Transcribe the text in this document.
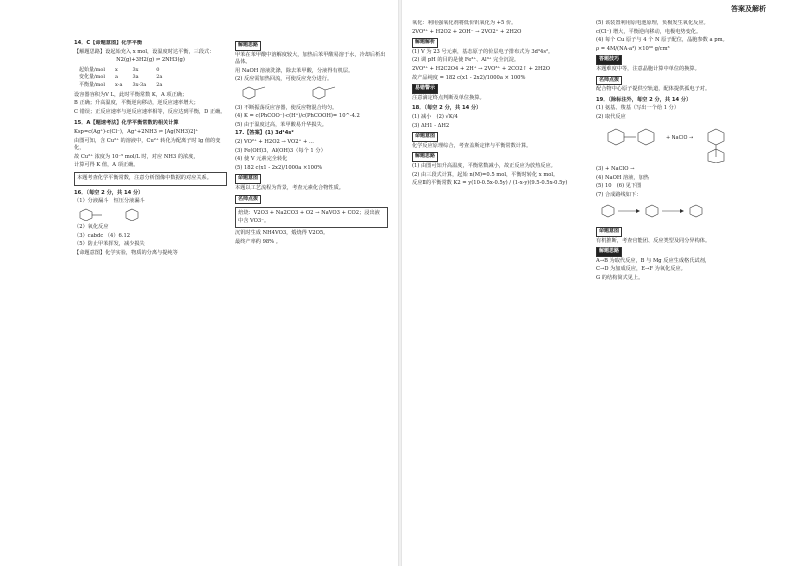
答案及解析

14．C【命题意图】化学平衡

【解题思路】设起始充入 x mol，设温度时达平衡，三段式：

N2(g)+3H2(g) ⇌ 2NH3(g)

起始量/mol	x	3x	0
变化量/mol	a	3a	2a
平衡量/mol	x-a	3x-3a	2a

设容器容积为V L，此时平衡常数 K，A 项正确；

B 正确；升高温度，平衡逆向移动，逆反应速率增大；

C 错误；正反应速率与逆反应速率相等，反应达到平衡，D 正确。

15．A【题速考法】化学平衡常数的相关计算

Ksp=c(Ag⁺)·c(Cl⁻)，Ag⁺+2NH3 ⇌ [Ag(NH3)2]⁺

由图可知，含 Cu²⁺ 的溶液中，Cu²⁺ 转化为配离子时 lg 值的变化，

故 Cu²⁺ 浓度为 10⁻⁵ mol/L 时，对应 NH3 的浓度，

计算可得 K 值，A 项正确。

本题考查化学平衡常数，注意分析图像中数据的对应关系。

16．（每空 2 分，共 14 分）

（1）分液漏斗　恒压分液漏斗

（2）氧化反应

（3）cabdc （4）6.12

（5）防止甲苯挥发，减少损失

【命题意图】化学实验，物质的分离与提纯等

解题思路

甲苯在苯甲酸中溶解度较大，加热后苯甲酸易溶于水，冷却后析出晶体。

用 NaOH 溶液洗涤，除去苯甲酸，分液得有机层。

(2) 反应需加热回流，可使反应充分进行。

(3) 不断振荡反应容器，使反应物混合均匀。

(4) K = c(PhCOO⁻)·c(H⁺)/c(PhCOOH)= 10^-4.2

(5) 由于温度过高，苯甲酸易升华损失。

17.【答案】(1) 3d¹4s²

(2) VO²⁺ + H2O2 → VO2⁺ + ...

(3) Fe(OH)3，Al(OH)3（每个 1 分）

(4) 使 V 元素完全转化

(5) 182 c(x1 - 2x2)/1000a ×100%

命题意图

本题以工艺流程为背景，考查元素化合物性质。

名师点拨
焙烧：V2O3 + Na2CO3 + O2 → NaVO3 + CO2；浸出液中含 VO3⁻。

沉钒时生成 NH4VO3，煅烧得 V2O5。

最终产率约 98% 。

氧化：利用强氧化剂将低价钒氧化为 +5 价。

2VO²⁺ + H2O2 + 2OH⁻ → 2VO2⁺ + 2H2O

解题解析

(1) V 为 23 号元素，基态原子的价层电子排布式为 3d³4s²。

(2) 调 pH 的目的是使 Fe³⁺、Al³⁺ 完全沉淀。

2VO²⁺ + H2C2O4 + 2H⁺ → 2VO³⁺ + 2CO2↑ + 2H2O

故产品纯度 = 182 c(x1 - 2x2)/1000a × 100%

易错警示

注意滴定终点判断及单位换算。

18．（每空 2 分，共 14 分）

(1) 减小　(2) √K/4

(3) ΔH1 - ΔH2

命题意图

化学反应原理综合，考查盖斯定律与平衡常数计算。

解题思路

(1) 由图可知升高温度，平衡常数减小，故正反应为放热反应。

(2) 由三段式计算，起始 n(M)=0.5 mol，平衡时转化 x mol。

反应Ⅱ的平衡常数 K2 = y(10-0.5x-0.5y) / (1-x-y)(9.5-0.5x-0.5y)

(5) 该装置利用原电池原理，负极发生氧化反应。

c(Cl⁻) 增大，平衡逆向移动，电极电势变化。

(4) 每个 Cu 原子与 4 个 N 原子配位，晶胞参数 a pm。

ρ = 4M/(NA·a³) ×10³⁰ g/cm³

答题技巧

本题难度中等，注意晶胞计算中单位的换算。

名师点拨

配合物中心原子提供空轨道，配体提供孤电子对。

19．（除标注外，每空 2 分，共 14 分）

(1) 氨基、羧基（写出一个给 1 分）

(2) 取代反应

+ NaClO →

(3) + NaClO →

(4) NaOH 溶液，加热

(5) 10　(6) 见下图

(7) 合成路线如下：

命题意图

有机推断，考查官能团、反应类型及同分异构体。

解题思路

A→B 为取代反应，B 与 Mg 反应生成格氏试剂，

C→D 为加成反应，E→F 为氧化反应。

G 的结构简式见上。
